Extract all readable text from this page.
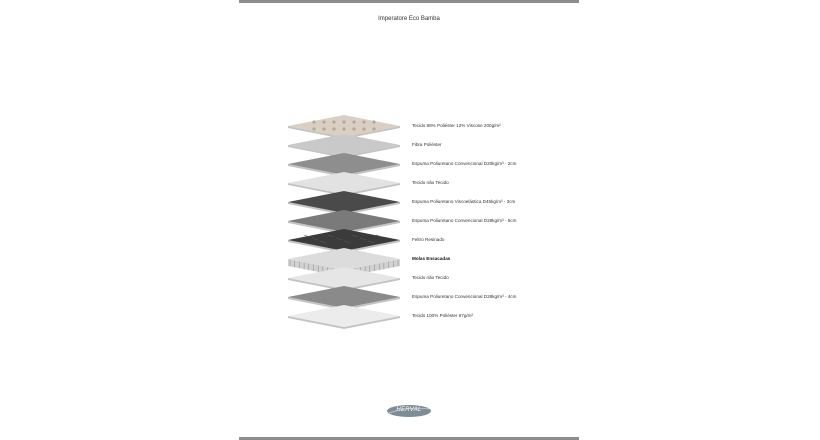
Imperatore Eco Bamba
Tecido 88% Poliéster 12% Viscose 200g/m²
Fibra Poliéster
Espuma Poliuretano Convencional D20kg/m³ - 2cm
Tecido não Tecido
Espuma Poliuretano Viscoelástica D45kg/m³ - 3cm
Espuma Poliuretano Convencional D28kg/m³ - 5cm
Feltro Resinado
Molas Ensacadas
Tecido não Tecido
Espuma Poliuretano Convencional D28kg/m³ - 4cm
Tecido 100% Poliéster 67g/m²
HERVAL
